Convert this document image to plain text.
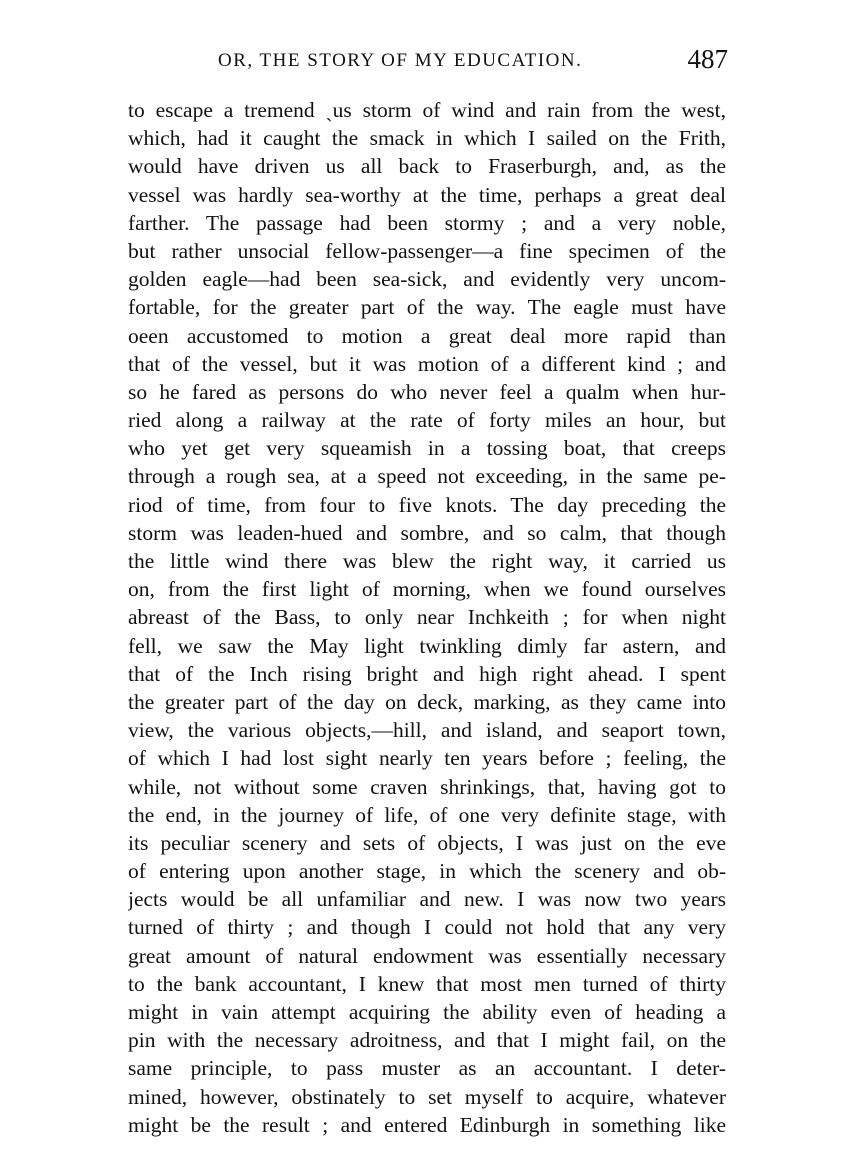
OR, THE STORY OF MY EDUCATION.	487
to escape a tremend ˏus storm of wind and rain from the west,
which, had it caught the smack in which I sailed on the Frith,
would have driven us all back to Fraserburgh, and, as the
vessel was hardly sea-worthy at the time, perhaps a great deal
farther. The passage had been stormy ; and a very noble,
but rather unsocial fellow-passenger—a fine specimen of the
golden eagle—had been sea-sick, and evidently very uncom-
fortable, for the greater part of the way. The eagle must have
oeen accustomed to motion a great deal more rapid than
that of the vessel, but it was motion of a different kind ; and
so he fared as persons do who never feel a qualm when hur-
ried along a railway at the rate of forty miles an hour, but
who yet get very squeamish in a tossing boat, that creeps
through a rough sea, at a speed not exceeding, in the same pe-
riod of time, from four to five knots. The day preceding the
storm was leaden-hued and sombre, and so calm, that though
the little wind there was blew the right way, it carried us
on, from the first light of morning, when we found ourselves
abreast of the Bass, to only near Inchkeith ; for when night
fell, we saw the May light twinkling dimly far astern, and
that of the Inch rising bright and high right ahead. I spent
the greater part of the day on deck, marking, as they came into
view, the various objects,—hill, and island, and seaport town,
of which I had lost sight nearly ten years before ; feeling, the
while, not without some craven shrinkings, that, having got to
the end, in the journey of life, of one very definite stage, with
its peculiar scenery and sets of objects, I was just on the eve
of entering upon another stage, in which the scenery and ob-
jects would be all unfamiliar and new. I was now two years
turned of thirty ; and though I could not hold that any very
great amount of natural endowment was essentially necessary
to the bank accountant, I knew that most men turned of thirty
might in vain attempt acquiring the ability even of heading a
pin with the necessary adroitness, and that I might fail, on the
same principle, to pass muster as an accountant. I deter-
mined, however, obstinately to set myself to acquire, whatever
might be the result ; and entered Edinburgh in something like
